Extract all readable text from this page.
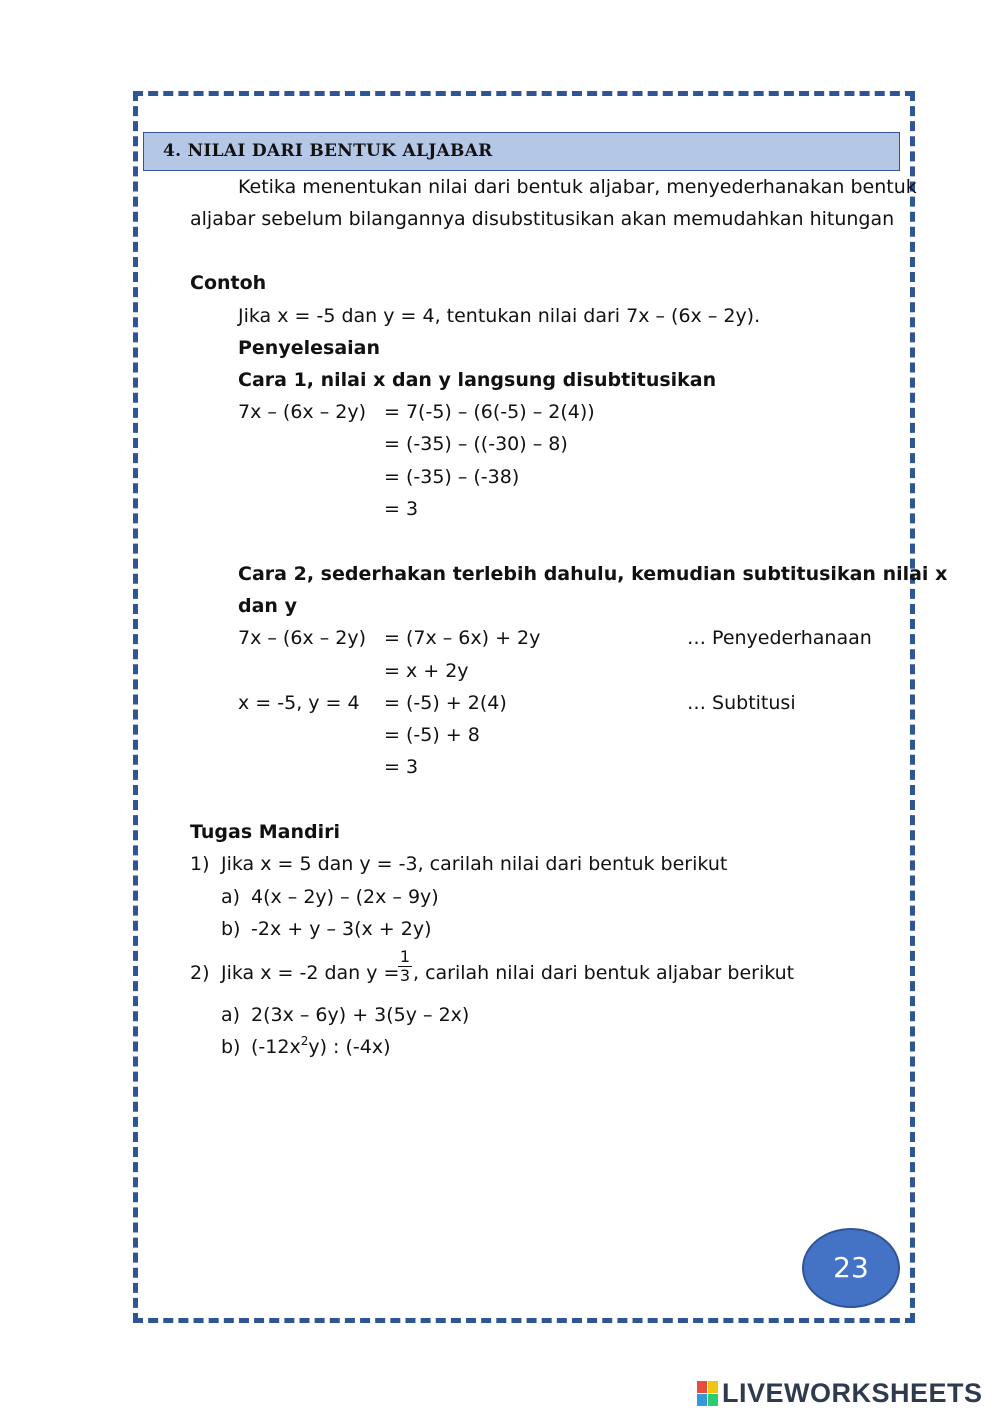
4. NILAI DARI BENTUK ALJABAR
Ketika menentukan nilai dari bentuk aljabar, menyederhanakan bentuk
aljabar sebelum bilangannya disubstitusikan akan memudahkan hitungan
Contoh
Jika x = -5 dan y = 4, tentukan nilai dari 7x – (6x – 2y).
Penyelesaian
Cara 1, nilai x dan y langsung disubtitusikan
7x – (6x – 2y) = 7(-5) – (6(-5) – 2(4))
= (-35) – ((-30) – 8)
= (-35) – (-38)
= 3
Cara 2, sederhakan terlebih dahulu, kemudian subtitusikan nilai x
dan y
7x – (6x – 2y) = (7x – 6x) + 2y	… Penyederhanaan
= x + 2y
x = -5, y = 4 = (-5) + 2(4)	… Subtitusi
= (-5) + 8
= 3
Tugas Mandiri
1) Jika x = 5 dan y = -3, carilah nilai dari bentuk berikut
a) 4(x – 2y) – (2x – 9y)
b) -2x + y – 3(x + 2y)
2) Jika x = -2 dan y =
$\frac{1}{3}$ , carilah nilai dari bentuk aljabar berikut
a) 2(3x – 6y) + 3(5y – 2x)
b) $(-12x^2y)$ : (-4x)
23
LIVEWORKSHEETS
